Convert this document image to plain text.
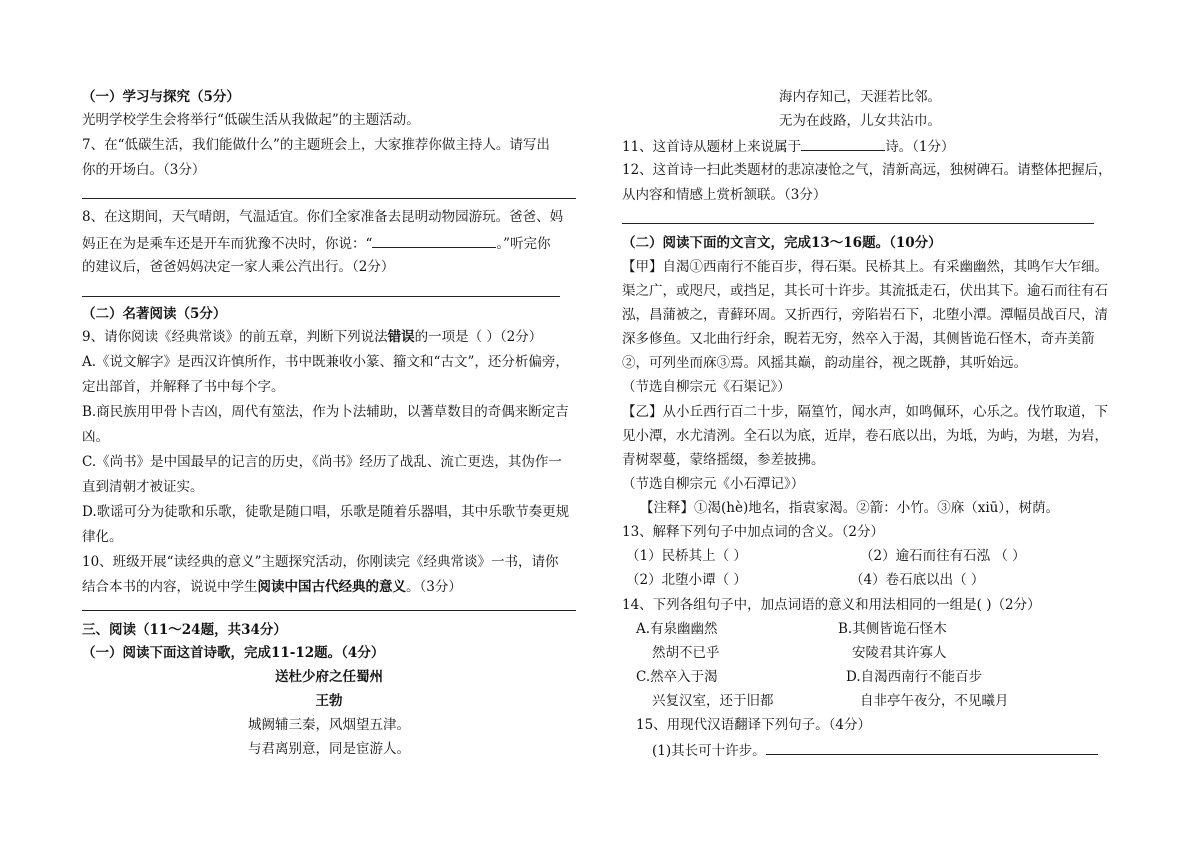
（一）学习与探究（5分）
光明学校学生会将举行“低碳生活从我做起”的主题活动。
7、在“低碳生活，我们能做什么”的主题班会上，大家推荐你做主持人。请写出
你的开场白。（3分）
8、在这期间，天气晴朗，气温适宜。你们全家准备去昆明动物园游玩。爸爸、妈
妈正在为是乘车还是开车而犹豫不决时，你说：“	。”听完你
的建议后，爸爸妈妈决定一家人乘公汽出行。（2分）
（二）名著阅读（5分）
9、请你阅读《经典常谈》的前五章，判断下列说法错误的一项是（ ）（2分）
A.《说文解字》是西汉许慎所作，书中既兼收小篆、籀文和“古文”，还分析偏旁，
定出部首，并解释了书中每个字。
B.商民族用甲骨卜吉凶，周代有筮法，作为卜法辅助，以蓍草数目的奇偶来断定吉
凶。
C.《尚书》是中国最早的记言的历史，《尚书》经历了战乱、流亡更迭，其伪作一
直到清朝才被证实。
D.歌谣可分为徒歌和乐歌，徒歌是随口唱，乐歌是随着乐器唱，其中乐歌节奏更规
律化。
10、班级开展“读经典的意义”主题探究活动，你刚读完《经典常谈》一书，请你
结合本书的内容，说说中学生阅读中国古代经典的意义。（3分）
三、阅读（11～24题，共34分）
（一）阅读下面这首诗歌，完成11-12题。（4分）
送杜少府之任蜀州
王勃
城阙辅三秦，风烟望五津。
与君离别意，同是宦游人。
海内存知己，天涯若比邻。
无为在歧路，儿女共沾巾。
11、这首诗从题材上来说属于	诗。（1分）
12、这首诗一扫此类题材的悲凉凄怆之气，清新高远，独树碑石。请整体把握后，
从内容和情感上赏析颔联。（3分）
（二）阅读下面的文言文，完成13～16题。（10分）
【甲】自渴①西南行不能百步，得石渠。民桥其上。有采幽幽然，其鸣乍大乍细。
渠之广，或咫尺，或挡足，其长可十许步。其流抵走石，伏出其下。逾石而往有石
泓，昌蒲被之，青藓环周。又折西行，旁陷岩石下，北堕小潭。潭幅员战百尺，清
深多修鱼。又北曲行纡余，睨若无穷，然卒入于渴，其侧皆诡石怪木，奇卉美箭
②，可列坐而庥③焉。风摇其巅，韵动崖谷，视之既静，其听始远。
（节选自柳宗元《石渠记》）
【乙】从小丘西行百二十步，隔篁竹，闻水声，如鸣佩环，心乐之。伐竹取道，下
见小潭，水尤清洌。全石以为底，近岸，卷石底以出，为坻，为屿，为堪，为岩，
青树翠蔓，蒙络摇缀，参差披拂。
（节选自柳宗元《小石潭记》）
【注释】①渴(hè)地名，指袁家渴。②箭：小竹。③庥（xiū），树荫。
13、解释下列句子中加点词的含义。（2分）
（1）民桥其上（ ）	（2）逾石而往有石泓 （ ）
（2）北堕小谭（ ）	（4）卷石底以出（ ）
14、下列各组句子中，加点词语的意义和用法相同的一组是( )（2分）
A.有泉幽幽然	B.其侧皆诡石怪木
然胡不已乎	安陵君其许寡人
C.然卒入于渴	D.自渴西南行不能百步
兴复汉室，还于旧都	自非亭午夜分，不见曦月
15、用现代汉语翻译下列句子。（4分）
(1)其长可十许步。
